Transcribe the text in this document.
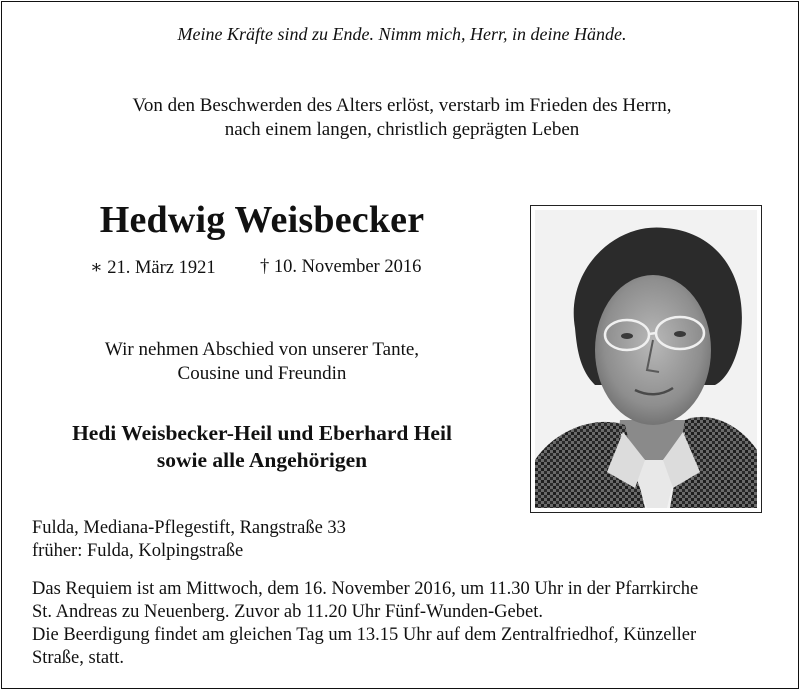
Meine Kräfte sind zu Ende. Nimm mich, Herr, in deine Hände.
Von den Beschwerden des Alters erlöst, verstarb im Frieden des Herrn,
nach einem langen, christlich geprägten Leben
Hedwig Weisbecker
∗ 21. März 1921 † 10. November 2016
Wir nehmen Abschied von unserer Tante,
Cousine und Freundin
Hedi Weisbecker-Heil und Eberhard Heil
sowie alle Angehörigen
Fulda, Mediana-Pflegestift, Rangstraße 33
früher: Fulda, Kolpingstraße
Das Requiem ist am Mittwoch, dem 16. November 2016, um 11.30 Uhr in der Pfarrkirche
St. Andreas zu Neuenberg. Zuvor ab 11.20 Uhr Fünf-Wunden-Gebet.
Die Beerdigung findet am gleichen Tag um 13.15 Uhr auf dem Zentralfriedhof, Künzeller
Straße, statt.
